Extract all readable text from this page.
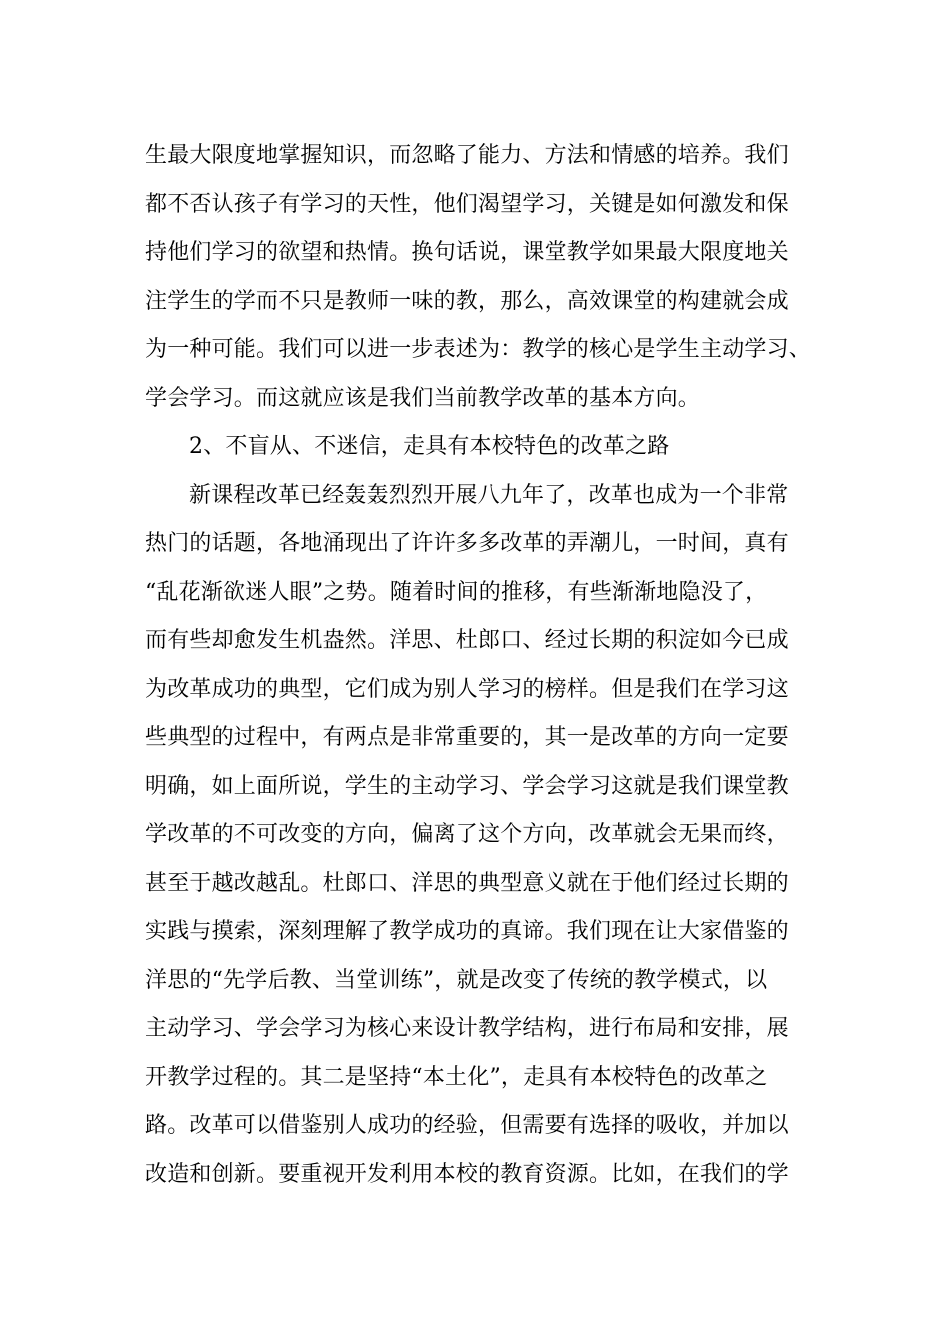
生最大限度地掌握知识，而忽略了能力、方法和情感的培养。我们
都不否认孩子有学习的天性，他们渴望学习，关键是如何激发和保
持他们学习的欲望和热情。换句话说，课堂教学如果最大限度地关
注学生的学而不只是教师一味的教，那么，高效课堂的构建就会成
为一种可能。我们可以进一步表述为：教学的核心是学生主动学习、
学会学习。而这就应该是我们当前教学改革的基本方向。
2、不盲从、不迷信，走具有本校特色的改革之路
新课程改革已经轰轰烈烈开展八九年了，改革也成为一个非常
热门的话题，各地涌现出了许许多多改革的弄潮儿，一时间，真有
“乱花渐欲迷人眼”之势。随着时间的推移，有些渐渐地隐没了，
而有些却愈发生机盎然。洋思、杜郎口、经过长期的积淀如今已成
为改革成功的典型，它们成为别人学习的榜样。但是我们在学习这
些典型的过程中，有两点是非常重要的，其一是改革的方向一定要
明确，如上面所说，学生的主动学习、学会学习这就是我们课堂教
学改革的不可改变的方向，偏离了这个方向，改革就会无果而终，
甚至于越改越乱。杜郎口、洋思的典型意义就在于他们经过长期的
实践与摸索，深刻理解了教学成功的真谛。我们现在让大家借鉴的
洋思的“先学后教、当堂训练”，就是改变了传统的教学模式，以
主动学习、学会学习为核心来设计教学结构，进行布局和安排，展
开教学过程的。其二是坚持“本土化”，走具有本校特色的改革之
路。改革可以借鉴别人成功的经验，但需要有选择的吸收，并加以
改造和创新。要重视开发利用本校的教育资源。比如，在我们的学
